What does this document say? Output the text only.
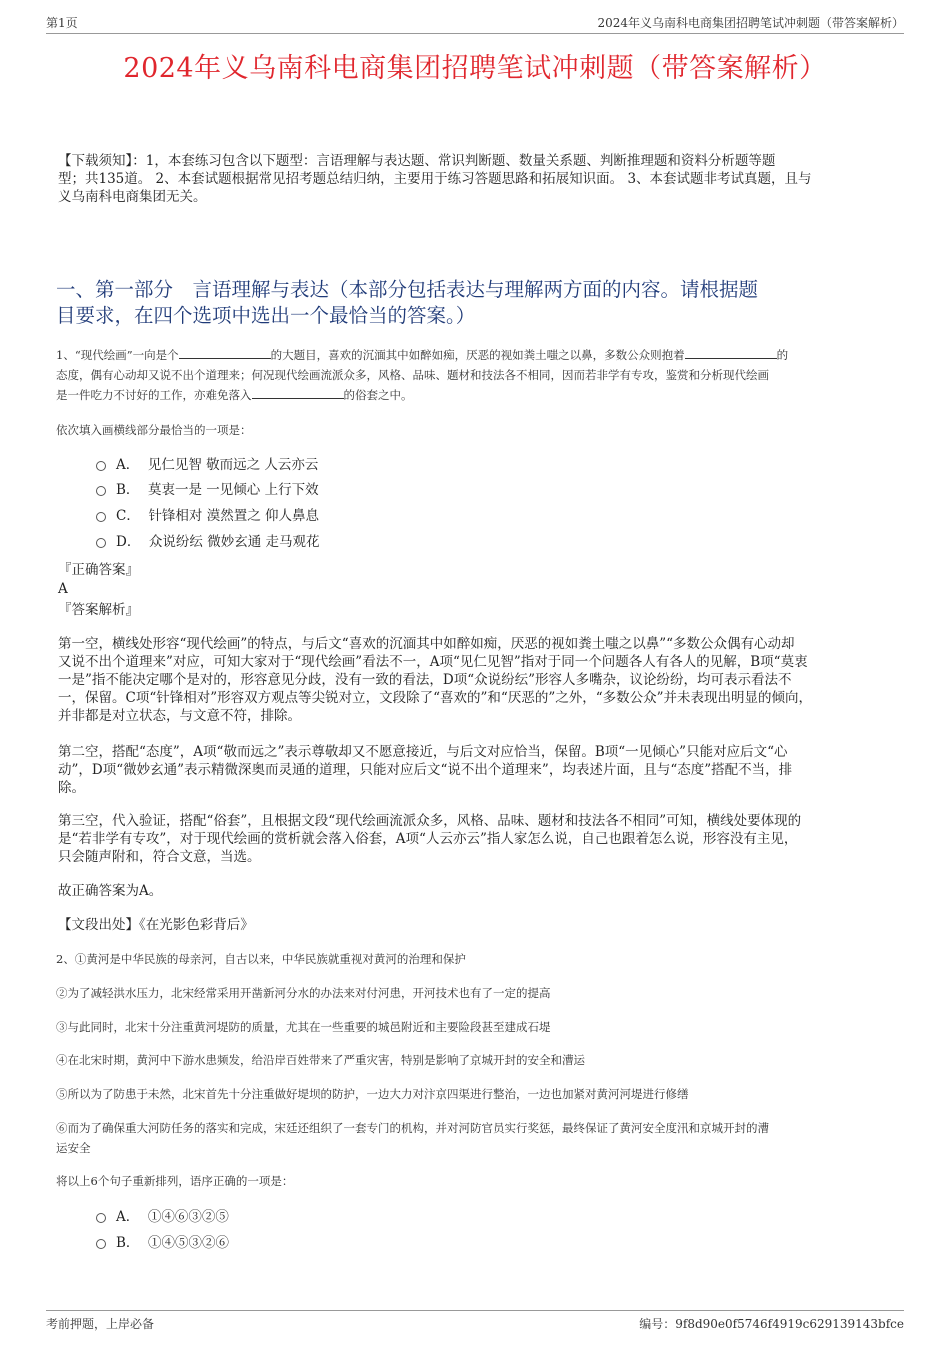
第1页	2024年义乌南科电商集团招聘笔试冲刺题（带答案解析）
2024年义乌南科电商集团招聘笔试冲刺题（带答案解析）
【下载须知】：1，本套练习包含以下题型：言语理解与表达题、常识判断题、数量关系题、判断推理题和资料分析题等题
型；共135道。 2、本套试题根据常见招考题总结归纳，主要用于练习答题思路和拓展知识面。 3、本套试题非考试真题，且与
义乌南科电商集团无关。
一、第一部分　言语理解与表达（本部分包括表达与理解两方面的内容。请根据题
目要求，在四个选项中选出一个最恰当的答案。）
1、“现代绘画”一向是个	的大题目，喜欢的沉湎其中如醉如痴，厌恶的视如粪土嗤之以鼻，多数公众则抱着	的
态度，偶有心动却又说不出个道理来；何况现代绘画流派众多，风格、品味、题材和技法各不相同，因而若非学有专攻，鉴赏和分析现代绘画
是一件吃力不讨好的工作，亦难免落入	的俗套之中。
依次填入画横线部分最恰当的一项是：
A． 见仁见智 敬而远之 人云亦云
B． 莫衷一是 一见倾心 上行下效
C． 针锋相对 漠然置之 仰人鼻息
D． 众说纷纭 微妙玄通 走马观花
『正确答案』
A
『答案解析』
第一空，横线处形容“现代绘画”的特点，与后文“喜欢的沉湎其中如醉如痴，厌恶的视如粪土嗤之以鼻”“多数公众偶有心动却
又说不出个道理来”对应，可知大家对于“现代绘画”看法不一，A项“见仁见智”指对于同一个问题各人有各人的见解，B项“莫衷
一是”指不能决定哪个是对的，形容意见分歧，没有一致的看法，D项“众说纷纭”形容人多嘴杂，议论纷纷，均可表示看法不
一，保留。C项“针锋相对”形容双方观点等尖锐对立，文段除了“喜欢的”和“厌恶的”之外，“多数公众”并未表现出明显的倾向，
并非都是对立状态，与文意不符，排除。
第二空，搭配“态度”，A项“敬而远之”表示尊敬却又不愿意接近，与后文对应恰当，保留。B项“一见倾心”只能对应后文“心
动”，D项“微妙玄通”表示精微深奥而灵通的道理，只能对应后文“说不出个道理来”，均表述片面，且与“态度”搭配不当，排
除。
第三空，代入验证，搭配“俗套”，且根据文段“现代绘画流派众多，风格、品味、题材和技法各不相同”可知，横线处要体现的
是“若非学有专攻”，对于现代绘画的赏析就会落入俗套，A项“人云亦云”指人家怎么说，自己也跟着怎么说，形容没有主见，
只会随声附和，符合文意，当选。
故正确答案为A。
【文段出处】《在光影色彩背后》
2、①黄河是中华民族的母亲河，自古以来，中华民族就重视对黄河的治理和保护
②为了减轻洪水压力，北宋经常采用开凿新河分水的办法来对付河患，开河技术也有了一定的提高
③与此同时，北宋十分注重黄河堤防的质量，尤其在一些重要的城邑附近和主要险段甚至建成石堤
④在北宋时期，黄河中下游水患频发，给沿岸百姓带来了严重灾害，特别是影响了京城开封的安全和漕运
⑤所以为了防患于未然，北宋首先十分注重做好堤坝的防护，一边大力对汴京四渠进行整治，一边也加紧对黄河河堤进行修缮
⑥而为了确保重大河防任务的落实和完成，宋廷还组织了一套专门的机构，并对河防官员实行奖惩，最终保证了黄河安全度汛和京城开封的漕
运安全
将以上6个句子重新排列，语序正确的一项是：
A． ①④⑥③②⑤
B． ①④⑤③②⑥
考前押题，上岸必备	编号：9f8d90e0f5746f4919c629139143bfce
